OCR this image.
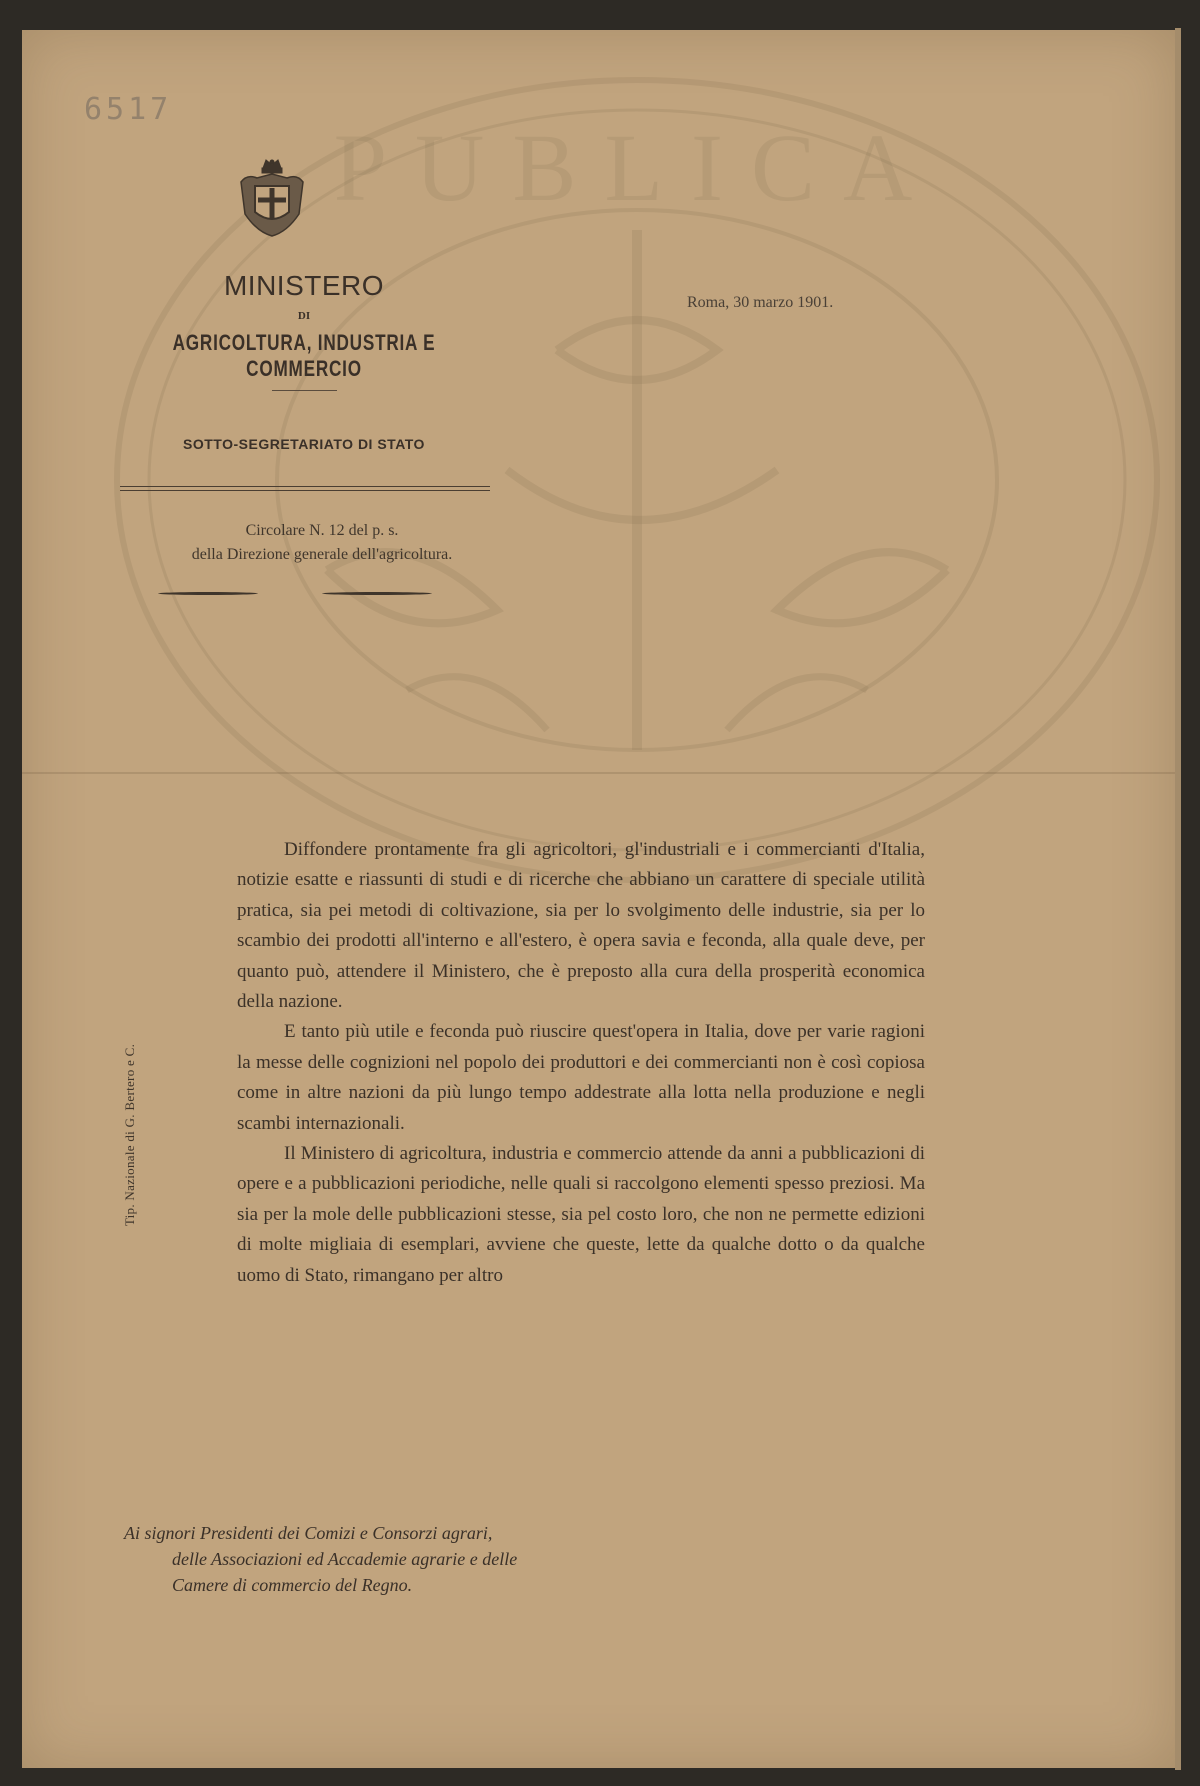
PUBLICA
6517
MINISTERO
DI
AGRICOLTURA, INDUSTRIA E COMMERCIO
SOTTO-SEGRETARIATO DI STATO
Circolare N. 12 del p. s.
della Direzione generale dell'agricoltura.
Roma, 30 marzo 1901.
Tip. Nazionale di G. Bertero e C.

Diffondere prontamente fra gli agricoltori, gl'industriali e i commercianti d'Italia, notizie esatte e riassunti di studi e di ricerche che abbiano un carattere di speciale utilità pratica, sia pei metodi di coltivazione, sia per lo svolgimento delle industrie, sia per lo scambio dei prodotti all'interno e all'estero, è opera savia e feconda, alla quale deve, per quanto può, attendere il Ministero, che è preposto alla cura della prosperità economica della nazione.

E tanto più utile e feconda può riuscire quest'opera in Italia, dove per varie ragioni la messe delle cognizioni nel popolo dei produttori e dei commercianti non è così copiosa come in altre nazioni da più lungo tempo addestrate alla lotta nella produzione e negli scambi internazionali.

Il Ministero di agricoltura, industria e commercio attende da anni a pubblicazioni di opere e a pubblicazioni periodiche, nelle quali si raccolgono elementi spesso preziosi. Ma sia per la mole delle pubblicazioni stesse, sia pel costo loro, che non ne permette edizioni di molte migliaia di esemplari, avviene che queste, lette da qualche dotto o da qualche uomo di Stato, rimangano per altro

Ai signori Presidenti dei Comizi e Consorzi agrari,
delle Associazioni ed Accademie agrarie e delle
Camere di commercio del Regno.
